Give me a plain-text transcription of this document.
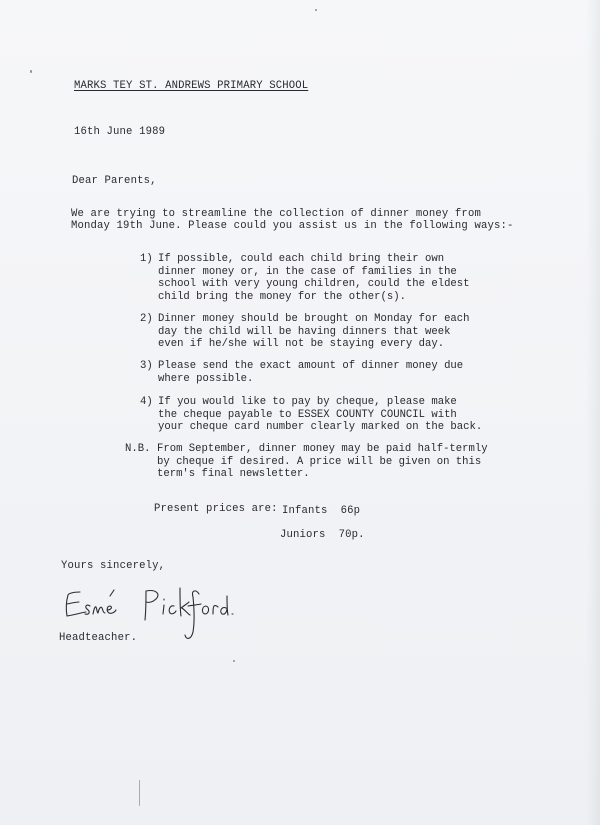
MARKS TEY ST. ANDREWS PRIMARY SCHOOL
16th June 1989
Dear Parents,
We are trying to streamline the collection of dinner money from
Monday 19th June. Please could you assist us in the following ways:-
1) If possible, could each child bring their own
dinner money or, in the case of families in the
school with very young children, could the eldest
child bring the money for the other(s).
2) Dinner money should be brought on Monday for each
day the child will be having dinners that week
even if he/she will not be staying every day.
3) Please send the exact amount of dinner money due
where possible.
4) If you would like to pay by cheque, please make
the cheque payable to ESSEX COUNTY COUNCIL with
your cheque card number clearly marked on the back.
N.B. From September, dinner money may be paid half-termly
by cheque if desired. A price will be given on this
term's final newsletter.
Present prices are: Infants  66p
Juniors  70p.
Yours sincerely,
Headteacher.
